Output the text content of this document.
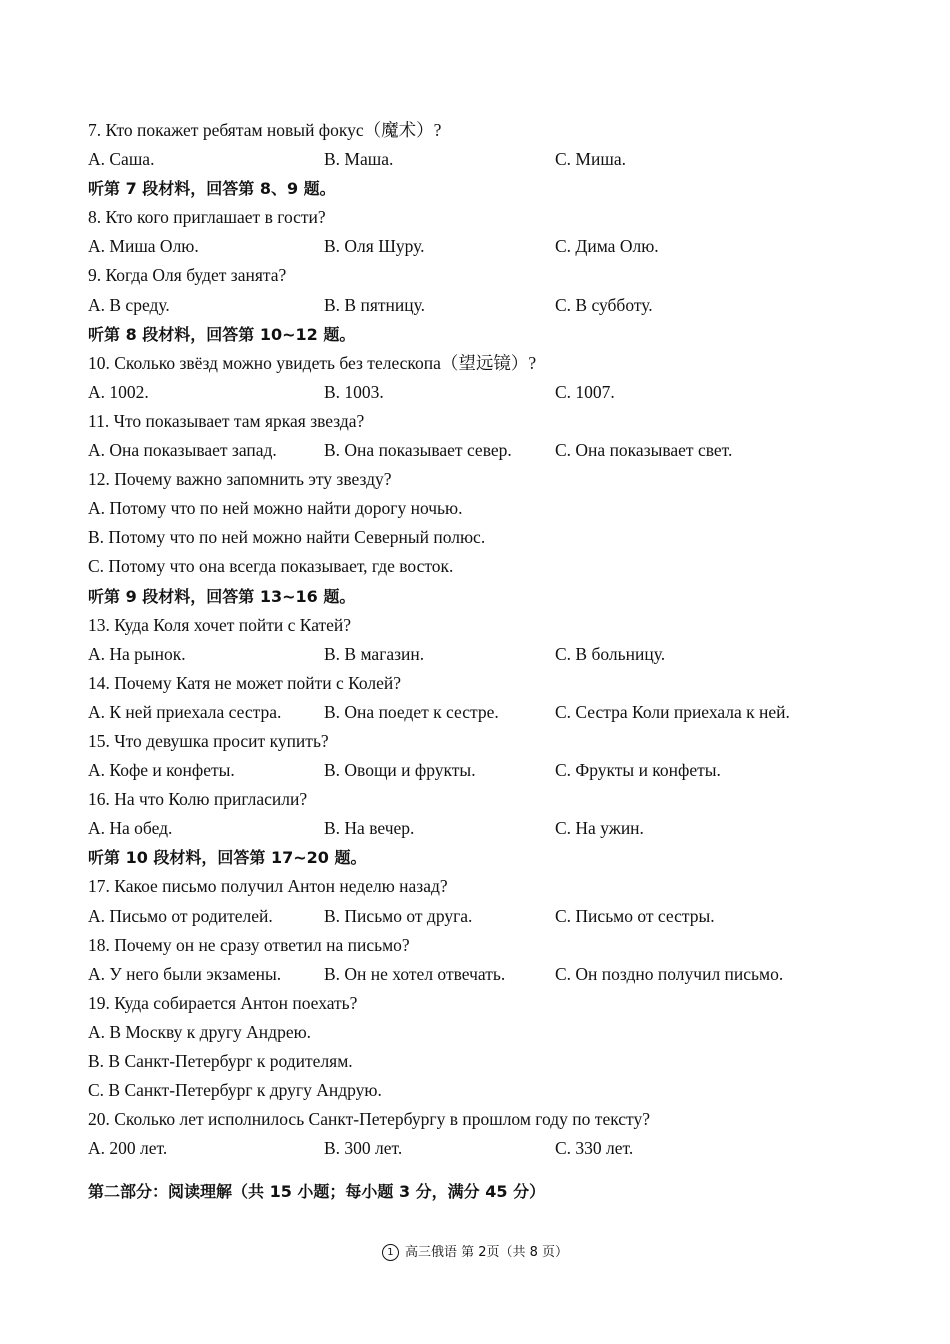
7. Кто покажет ребятам новый фокус（魔术）?
A. Саша.	B. Маша.	C. Миша.
听第 7 段材料，回答第 8、9 题。
8. Кто кого приглашает в гости?
A. Миша Олю.	B. Оля Шуру.	C. Дима Олю.
9. Когда Оля будет занята?
A. В среду.	B. В пятницу.	C. В субботу.
听第 8 段材料，回答第 10~12 题。
10. Сколько звёзд можно увидеть без телескопа（望远镜）?
A. 1002.	B. 1003.	C. 1007.
11. Что показывает там яркая звезда?
A. Она показывает запад.	B. Она показывает север. C. Она показывает свет.
12. Почему важно запомнить эту звезду?
A. Потому что по ней можно найти дорогу ночью.
B. Потому что по ней можно найти Северный полюс.
C. Потому что она всегда показывает, где восток.
听第 9 段材料，回答第 13~16 题。
13. Куда Коля хочет пойти с Катей?
A. На рынок.	B. В магазин.	C. В больницу.
14. Почему Катя не может пойти с Колей?
A. К ней приехала сестра. B. Она поедет к сестре.	C. Сестра Коли приехала к ней.
15. Что девушка просит купить?
A. Кофе и конфеты.	B. Овощи и фрукты.	C. Фрукты и конфеты.
16. На что Колю пригласили?
A. На обед.	B. На вечер.	C. На ужин.
听第 10 段材料，回答第 17~20 题。
17. Какое письмо получил Антон неделю назад?
A. Письмо от родителей.	B. Письмо от друга.	C. Письмо от сестры.
18. Почему он не сразу ответил на письмо?
A. У него были экзамены. B. Он не хотел отвечать.	C. Он поздно получил письмо.
19. Куда собирается Антон поехать?
A. В Москву к другу Андрею.
B. В Санкт-Петербург к родителям.
C. В Санкт-Петербург к другу Андрую.
20. Сколько лет исполнилось Санкт-Петербургу в прошлом году по тексту?
A. 200 лет.	B. 300 лет.	C. 330 лет.
第二部分：阅读理解（共 15 小题；每小题 3 分，满分 45 分）
1 高三俄语 第 2页（共 8 页）
